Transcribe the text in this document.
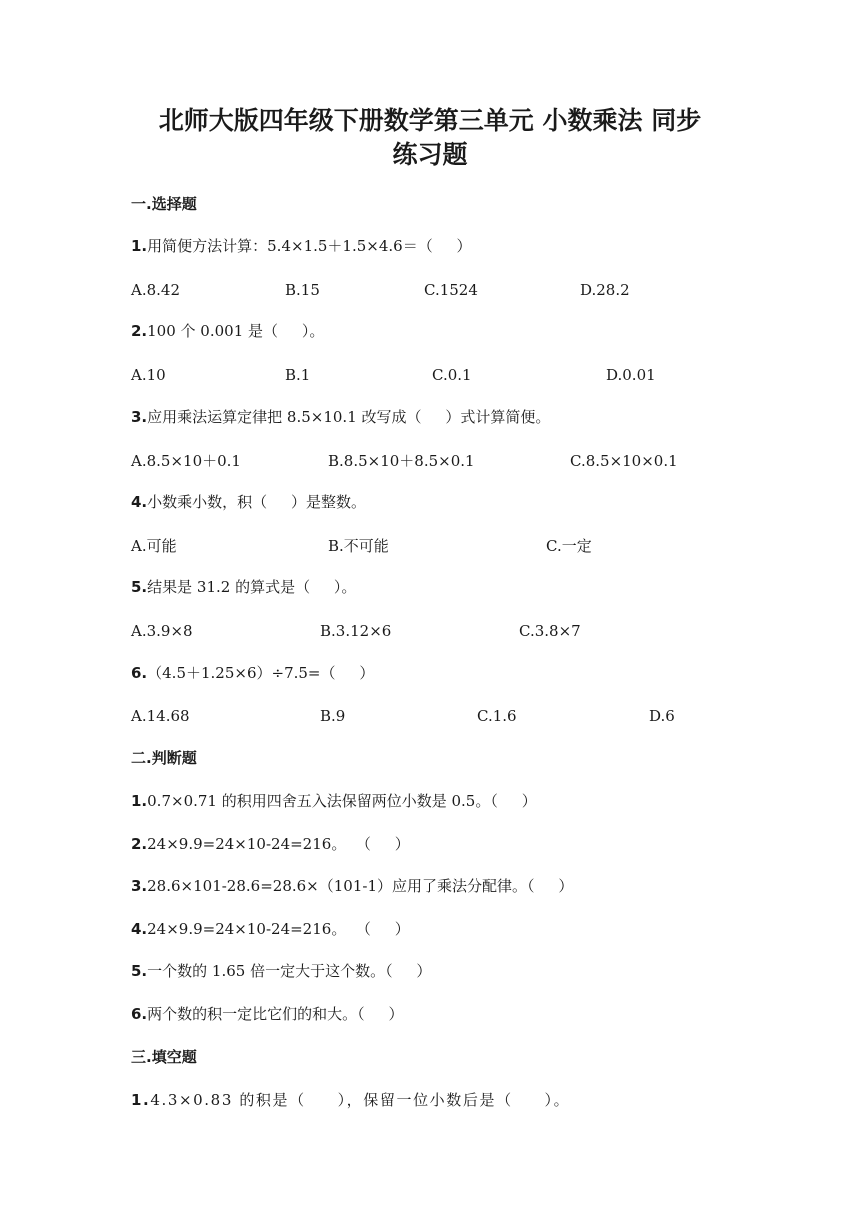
北师大版四年级下册数学第三单元 小数乘法 同步
练习题
一.选择题
1.用简便方法计算：5.4×1.5＋1.5×4.6＝（     ）
A.8.42	B.15	C.1524	D.28.2
2.100 个 0.001 是（     ）。
A.10	B.1	C.0.1	D.0.01
3.应用乘法运算定律把 8.5×10.1 改写成（     ）式计算简便。
A.8.5×10＋0.1	B.8.5×10＋8.5×0.1	C.8.5×10×0.1
4.小数乘小数，积（     ）是整数。
A.可能	B.不可能	C.一定
5.结果是 31.2 的算式是（     ）。
A.3.9×8	B.3.12×6	C.3.8×7
6.（4.5＋1.25×6）÷7.5=（     ）
A.14.68	B.9	C.1.6	D.6
二.判断题
1.0.7×0.71 的积用四舍五入法保留两位小数是 0.5。（     ）
2.24×9.9=24×10-24=216。  （     ）
3.28.6×101-28.6=28.6×（101-1）应用了乘法分配律。（     ）
4.24×9.9=24×10-24=216。  （     ）
5.一个数的 1.65 倍一定大于这个数。（     ）
6.两个数的积一定比它们的和大。（     ）
三.填空题
1.4.3×0.83 的积是（     ），保留一位小数后是（     ）。
